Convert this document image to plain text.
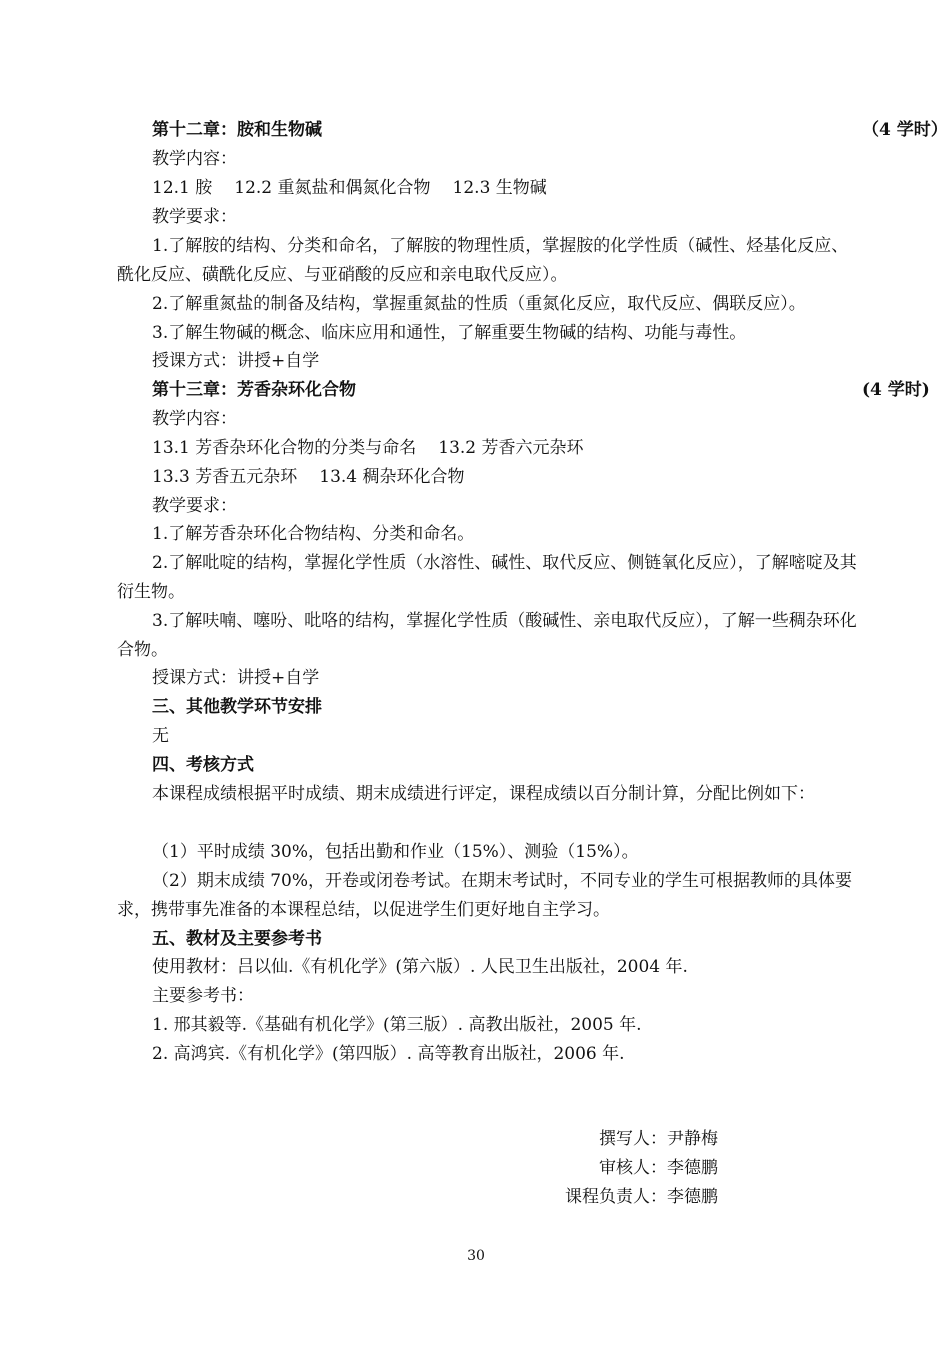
第十二章：胺和生物碱	（4 学时）
教学内容：
12.1 胺 12.2 重氮盐和偶氮化合物 12.3 生物碱
教学要求：
1.了解胺的结构、分类和命名，了解胺的物理性质，掌握胺的化学性质（碱性、烃基化反应、酰化反应、磺酰化反应、与亚硝酸的反应和亲电取代反应）。
2.了解重氮盐的制备及结构，掌握重氮盐的性质（重氮化反应，取代反应、偶联反应）。
3.了解生物碱的概念、临床应用和通性，了解重要生物碱的结构、功能与毒性。
授课方式：讲授+自学
第十三章：芳香杂环化合物	(4 学时)
教学内容：
13.1 芳香杂环化合物的分类与命名 13.2 芳香六元杂环
13.3 芳香五元杂环 13.4 稠杂环化合物
教学要求：
1.了解芳香杂环化合物结构、分类和命名。
2.了解吡啶的结构，掌握化学性质（水溶性、碱性、取代反应、侧链氧化反应），了解嘧啶及其衍生物。
3.了解呋喃、噻吩、吡咯的结构，掌握化学性质（酸碱性、亲电取代反应），了解一些稠杂环化合物。
授课方式：讲授+自学
三、其他教学环节安排
无
四、考核方式
本课程成绩根据平时成绩、期末成绩进行评定，课程成绩以百分制计算，分配比例如下：
（1）平时成绩 30%，包括出勤和作业（15%）、测验（15%）。
（2）期末成绩 70%，开卷或闭卷考试。在期末考试时，不同专业的学生可根据教师的具体要求，携带事先准备的本课程总结，以促进学生们更好地自主学习。
五、教材及主要参考书
使用教材：吕以仙.《有机化学》(第六版）. 人民卫生出版社，2004 年.
主要参考书：
1. 邢其毅等.《基础有机化学》(第三版）. 高教出版社，2005 年.
2. 高鸿宾.《有机化学》(第四版）. 高等教育出版社，2006 年.
撰写人：尹静梅
审核人：李德鹏
课程负责人：李德鹏
30
